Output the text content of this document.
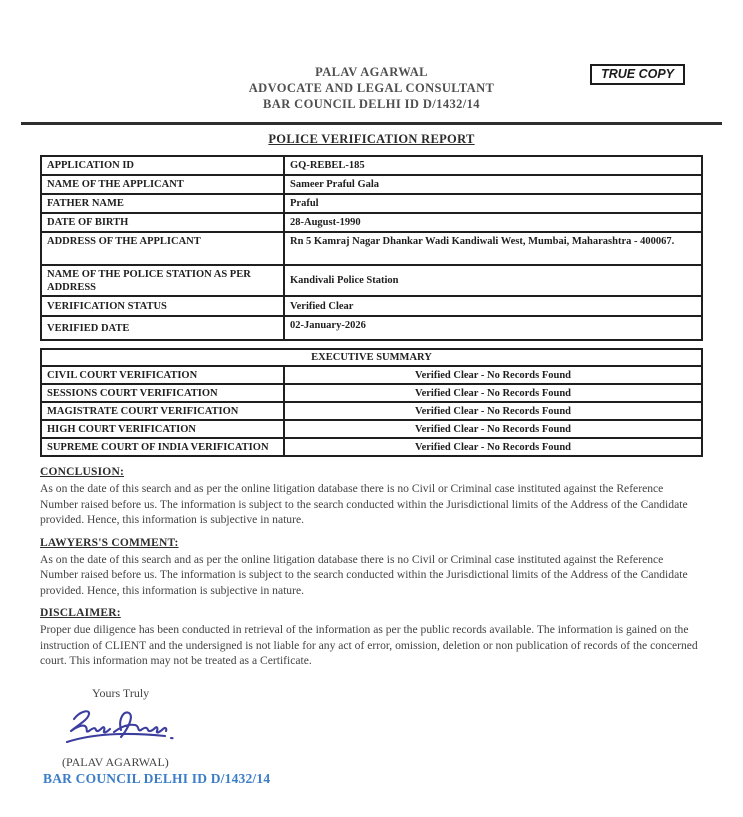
PALAV AGARWAL
ADVOCATE AND LEGAL CONSULTANT
BAR COUNCIL DELHI ID D/1432/14
TRUE COPY
POLICE VERIFICATION REPORT
APPLICATION ID	GQ-REBEL-185
NAME OF THE APPLICANT	Sameer Praful Gala
FATHER NAME	Praful
DATE OF BIRTH	28-August-1990
ADDRESS OF THE APPLICANT	Rn 5 Kamraj Nagar Dhankar Wadi Kandiwali West, Mumbai, Maharashtra - 400067.
NAME OF THE POLICE STATION AS PER ADDRESS	Kandivali Police Station
VERIFICATION STATUS	Verified Clear
VERIFIED DATE	02-January-2026
EXECUTIVE SUMMARY	
CIVIL COURT VERIFICATION	Verified Clear - No Records Found
SESSIONS COURT VERIFICATION	Verified Clear - No Records Found
MAGISTRATE COURT VERIFICATION	Verified Clear - No Records Found
HIGH COURT VERIFICATION	Verified Clear - No Records Found
SUPREME COURT OF INDIA VERIFICATION	Verified Clear - No Records Found
CONCLUSION:
As on the date of this search and as per the online litigation database there is no Civil or Criminal case instituted against the Reference Number raised before us. The information is subject to the search conducted within the Jurisdictional limits of the Address of the Candidate provided. Hence, this information is subjective in nature.
LAWYERS'S COMMENT:
As on the date of this search and as per the online litigation database there is no Civil or Criminal case instituted against the Reference Number raised before us. The information is subject to the search conducted within the Jurisdictional limits of the Address of the Candidate provided. Hence, this information is subjective in nature.
DISCLAIMER:
Proper due diligence has been conducted in retrieval of the information as per the public records available. The information is gained on the instruction of CLIENT and the undersigned is not liable for any act of error, omission, deletion or non publication of records of the concerned court. This information may not be treated as a Certificate.
Yours Truly
(PALAV AGARWAL)
BAR COUNCIL DELHI ID D/1432/14
